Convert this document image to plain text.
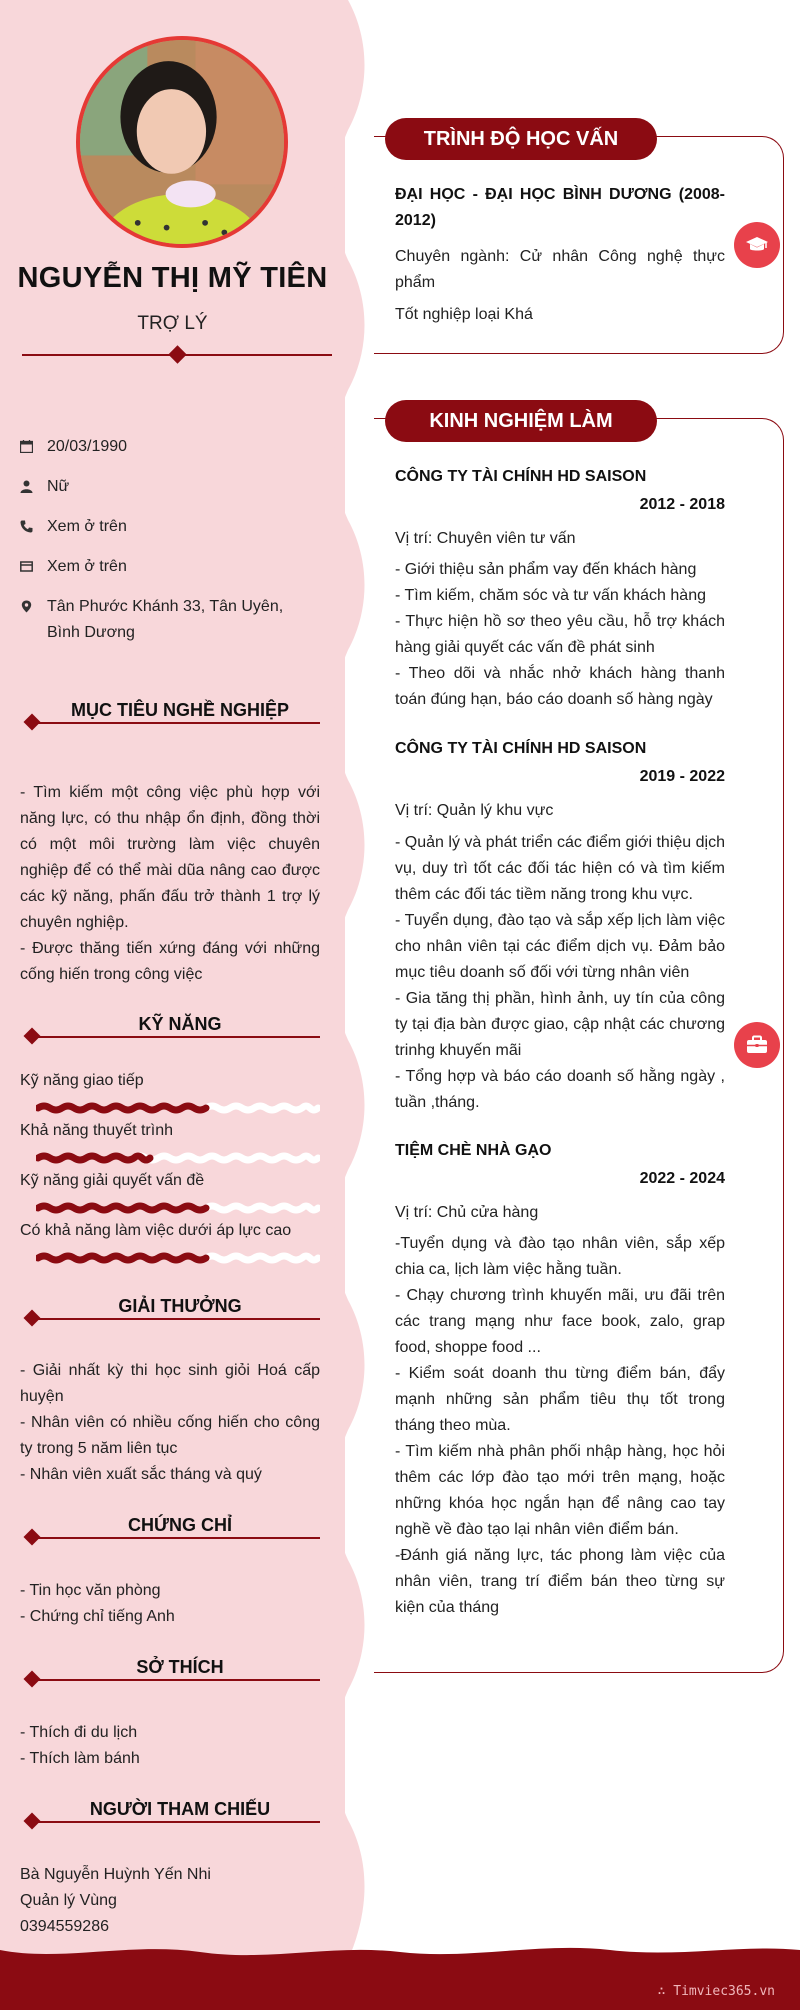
NGUYỄN THỊ MỸ TIÊN
TRỢ LÝ
20/03/1990
Nữ
Xem ở trên
Xem ở trên
Tân Phước Khánh 33, Tân Uyên, Bình Dương
MỤC TIÊU NGHỀ NGHIỆP
- Tìm kiếm một công việc phù hợp với năng lực, có thu nhập ổn định, đồng thời có một môi trường làm việc chuyên nghiệp để có thể mài dũa nâng cao được các kỹ năng, phấn đấu trở thành 1 trợ lý chuyên nghiệp.
- Được thăng tiến xứng đáng với những cống hiến trong công việc
KỸ NĂNG
Kỹ năng giao tiếp
Khả năng thuyết trình
Kỹ năng giải quyết vấn đề
Có khả năng làm việc dưới áp lực cao
GIẢI THƯỞNG
- Giải nhất kỳ thi học sinh giỏi Hoá cấp huyện
- Nhân viên có nhiều cống hiến cho công ty trong 5 năm liên tục
- Nhân viên xuất sắc tháng và quý
CHỨNG CHỈ
- Tin học văn phòng
- Chứng chỉ tiếng Anh
SỞ THÍCH
- Thích đi du lịch
- Thích làm bánh
NGƯỜI THAM CHIẾU
Bà Nguyễn Huỳnh Yến Nhi
Quản lý Vùng
0394559286
TRÌNH ĐỘ HỌC VẤN
ĐẠI HỌC - ĐẠI HỌC BÌNH DƯƠNG (2008-2012)
Chuyên ngành: Cử nhân Công nghệ thực phẩm
Tốt nghiệp loại Khá
KINH NGHIỆM LÀM VIỆC
CÔNG TY TÀI CHÍNH HD SAISON
2012 - 2018
Vị trí: Chuyên viên tư vấn
- Giới thiệu sản phẩm vay đến khách hàng
- Tìm kiếm, chăm sóc và tư vấn khách hàng
- Thực hiện hồ sơ theo yêu cầu, hỗ trợ khách hàng giải quyết các vấn đề phát sinh
- Theo dõi và nhắc nhở khách hàng thanh toán đúng hạn, báo cáo doanh số hàng ngày
CÔNG TY TÀI CHÍNH HD SAISON
2019 - 2022
Vị trí: Quản lý khu vực
- Quản lý và phát triển các điểm giới thiệu dịch vụ, duy trì tốt các đối tác hiện có và tìm kiếm thêm các đối tác tiềm năng trong khu vực.
- Tuyển dụng, đào tạo và sắp xếp lịch làm việc cho nhân viên tại các điểm dịch vụ. Đảm bảo mục tiêu doanh số đối với từng nhân viên
- Gia tăng thị phần, hình ảnh, uy tín của công ty tại địa bàn được giao, cập nhật các chương trinhg khuyến mãi
- Tổng hợp và báo cáo doanh số hằng ngày , tuần ,tháng.
TIỆM CHÈ NHÀ GẠO
2022 - 2024
Vị trí: Chủ cửa hàng
-Tuyển dụng và đào tạo nhân viên, sắp xếp chia ca, lịch làm việc hằng tuần.
- Chạy chương trình khuyến mãi, ưu đãi trên các trang mạng như face book, zalo, grap food, shoppe food ...
- Kiểm soát doanh thu từng điểm bán, đẩy mạnh những sản phẩm tiêu thụ tốt trong tháng theo mùa.
- Tìm kiếm nhà phân phối nhập hàng, học hỏi thêm các lớp đào tạo mới trên mạng, hoặc những khóa học ngắn hạn để nâng cao tay nghề về đào tạo lại nhân viên điểm bán.
-Đánh giá năng lực, tác phong làm việc của nhân viên, trang trí điểm bán theo từng sự kiện của tháng
∴ Timviec365.vn
